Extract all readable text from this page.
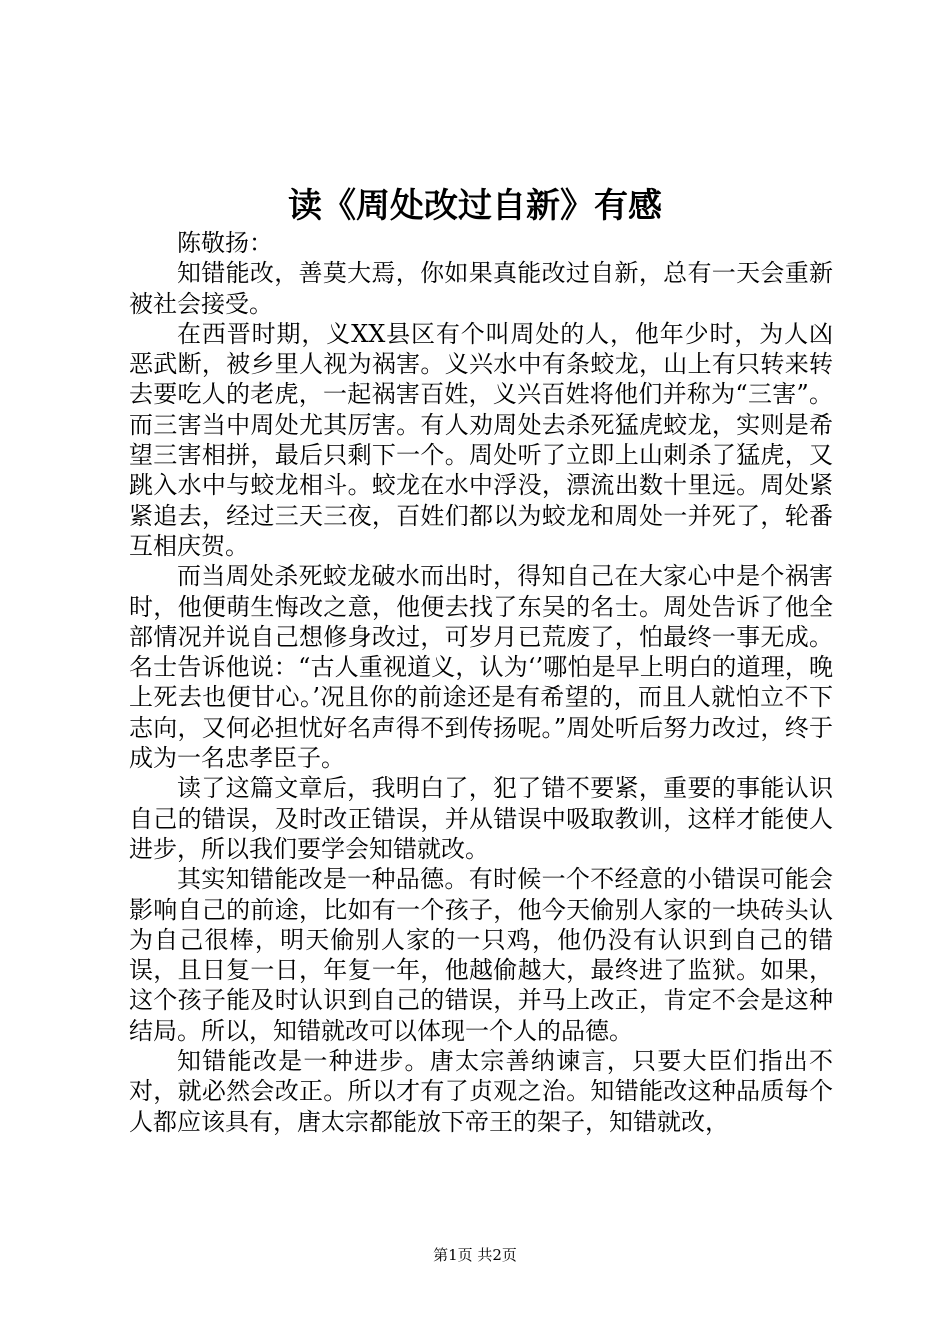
读《周处改过自新》有感

陈敬扬：

知错能改，善莫大焉，你如果真能改过自新，总有一天会重新被社会接受。

在西晋时期，义XX县区有个叫周处的人，他年少时，为人凶恶武断，被乡里人视为祸害。义兴水中有条蛟龙，山上有只转来转去要吃人的老虎，一起祸害百姓，义兴百姓将他们并称为“三害”。而三害当中周处尤其厉害。有人劝周处去杀死猛虎蛟龙，实则是希望三害相拼，最后只剩下一个。周处听了立即上山刺杀了猛虎，又跳入水中与蛟龙相斗。蛟龙在水中浮没，漂流出数十里远。周处紧紧追去，经过三天三夜，百姓们都以为蛟龙和周处一并死了，轮番互相庆贺。

而当周处杀死蛟龙破水而出时，得知自己在大家心中是个祸害时，他便萌生悔改之意，他便去找了东吴的名士。周处告诉了他全部情况并说自己想修身改过，可岁月已荒废了，怕最终一事无成。名士告诉他说：“古人重视道义，认为‘’哪怕是早上明白的道理，晚上死去也便甘心。’况且你的前途还是有希望的，而且人就怕立不下志向，又何必担忧好名声得不到传扬呢。”周处听后努力改过，终于成为一名忠孝臣子。

读了这篇文章后，我明白了，犯了错不要紧，重要的事能认识自己的错误，及时改正错误，并从错误中吸取教训，这样才能使人进步，所以我们要学会知错就改。

其实知错能改是一种品德。有时候一个不经意的小错误可能会影响自己的前途，比如有一个孩子，他今天偷别人家的一块砖头认为自己很棒，明天偷别人家的一只鸡，他仍没有认识到自己的错误，且日复一日，年复一年，他越偷越大，最终进了监狱。如果，这个孩子能及时认识到自己的错误，并马上改正，肯定不会是这种结局。所以，知错就改可以体现一个人的品德。

知错能改是一种进步。唐太宗善纳谏言，只要大臣们指出不对，就必然会改正。所以才有了贞观之治。知错能改这种品质每个人都应该具有，唐太宗都能放下帝王的架子，知错就改，

第1页 共2页
